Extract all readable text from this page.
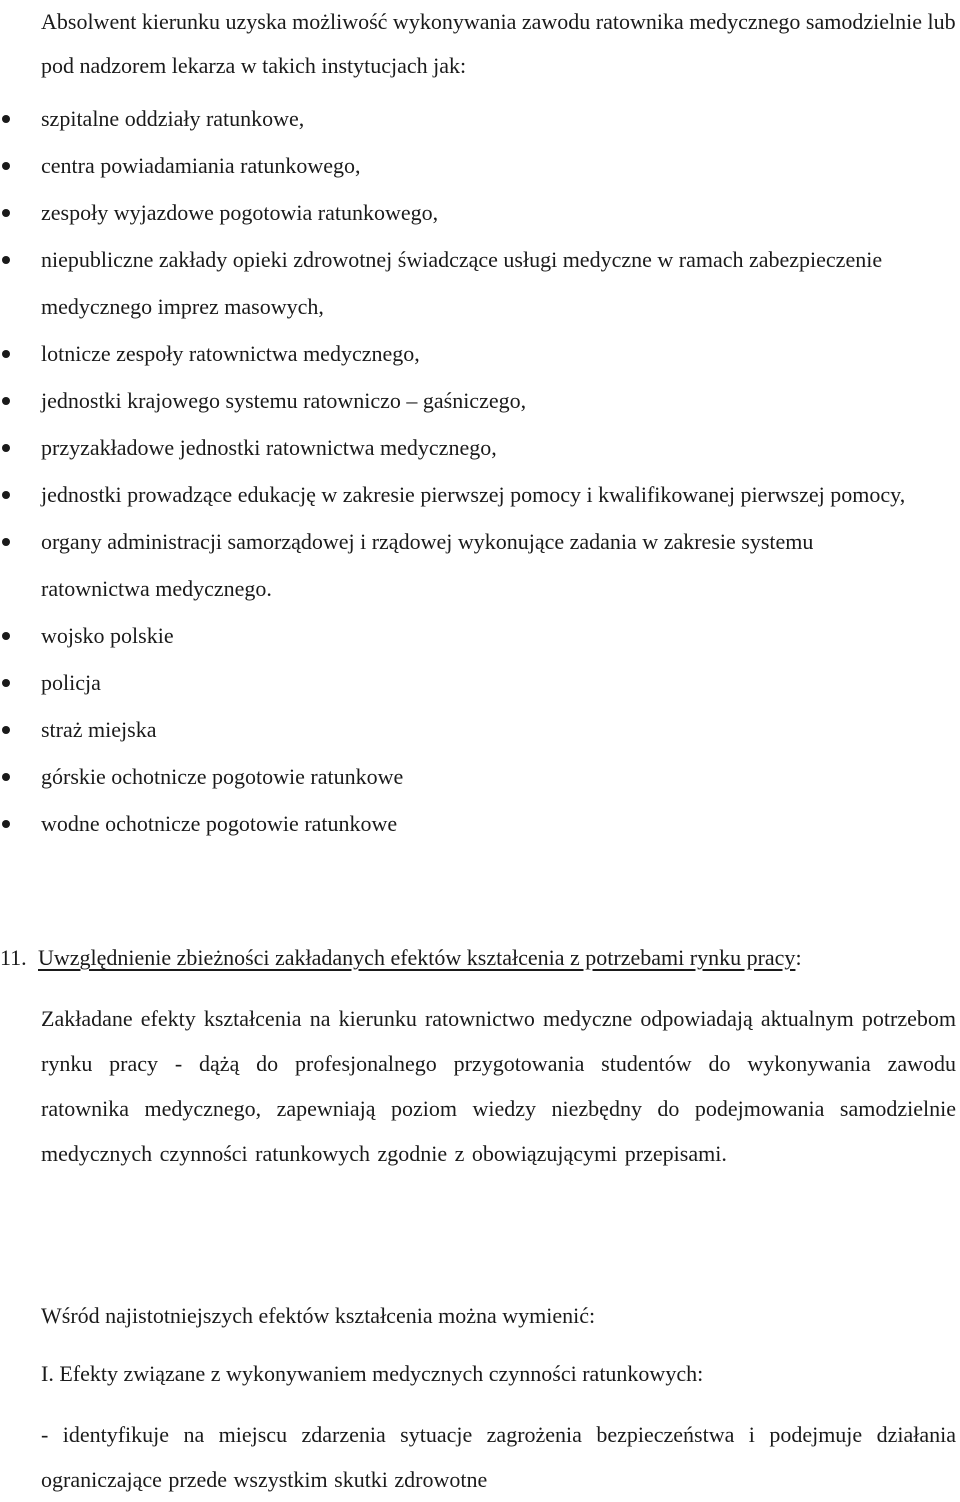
Absolwent kierunku uzyska możliwość wykonywania zawodu ratownika medycznego samodzielnie lub pod nadzorem lekarza w takich instytucjach jak:

szpitalne oddziały ratunkowe,
centra powiadamiania ratunkowego,
zespoły wyjazdowe pogotowia ratunkowego,
niepubliczne zakłady opieki zdrowotnej świadczące usługi medyczne w ramach zabezpieczenie medycznego imprez masowych,
lotnicze zespoły ratownictwa medycznego,
jednostki krajowego systemu ratowniczo – gaśniczego,
przyzakładowe jednostki ratownictwa medycznego,
jednostki prowadzące edukację w zakresie pierwszej pomocy i kwalifikowanej pierwszej pomocy,
organy administracji samorządowej i rządowej wykonujące zadania w zakresie systemu ratownictwa medycznego.
wojsko polskie
policja
straż miejska
górskie ochotnicze pogotowie ratunkowe
wodne ochotnicze pogotowie ratunkowe

11. Uwzględnienie zbieżności zakładanych efektów kształcenia z potrzebami rynku pracy:

Zakładane efekty kształcenia na kierunku ratownictwo medyczne odpowiadają aktualnym potrzebom rynku pracy - dążą do profesjonalnego przygotowania studentów do wykonywania zawodu ratownika medycznego, zapewniają poziom wiedzy niezbędny do podejmowania samodzielnie medycznych czynności ratunkowych zgodnie z obowiązującymi przepisami.

Wśród najistotniejszych efektów kształcenia można wymienić:

I. Efekty związane z wykonywaniem medycznych czynności ratunkowych:

- identyfikuje na miejscu zdarzenia sytuacje zagrożenia bezpieczeństwa i podejmuje działania ograniczające przede wszystkim skutki zdrowotne
